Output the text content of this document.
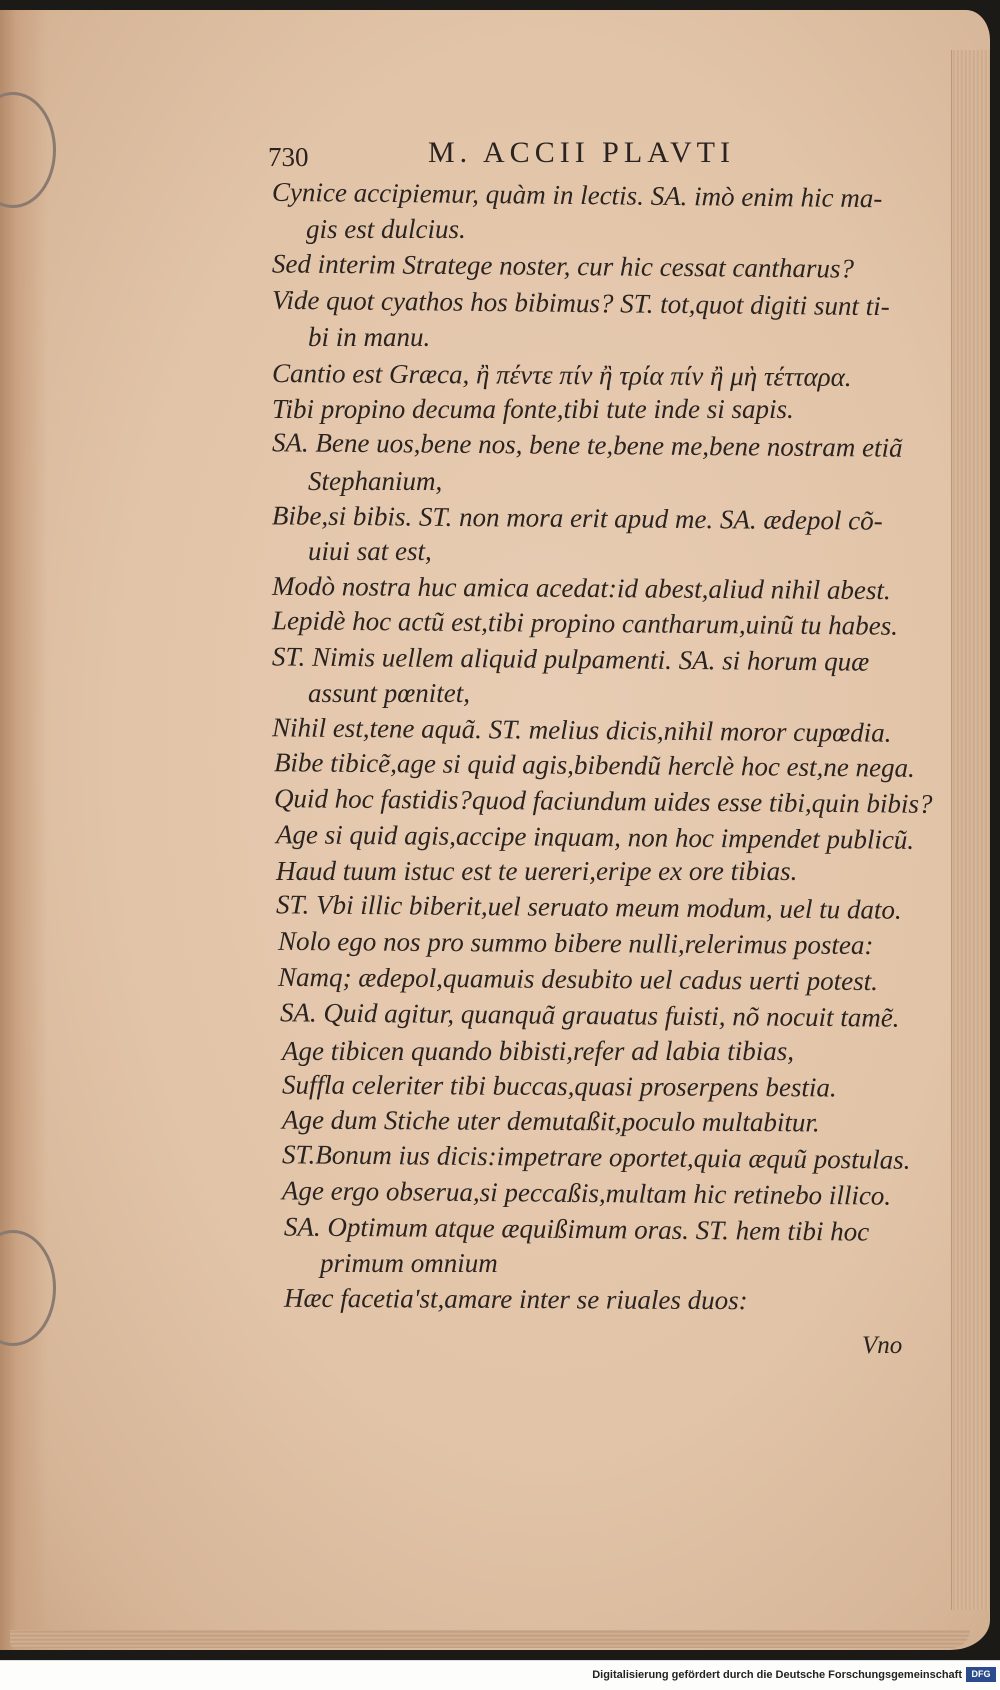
730	M. ACCII PLAVTI
Cynice accipiemur, quàm in lectis. SA. imò enim hic ma-
gis est dulcius.
Sed interim Stratege noster, cur hic cessat cantharus?
Vide quot cyathos hos bibimus? ST. tot,quot digiti sunt ti-
bi in manu.
Cantio est Græca, ἢ πέντε πίν ἢ τρία πίν ἢ μὴ τέτταρα.
Tibi propino decuma fonte,tibi tute inde si sapis.
SA. Bene uos,bene nos, bene te,bene me,bene nostram etiã
Stephanium,
Bibe,si bibis. ST. non mora erit apud me. SA. ædepol cõ-
uiui sat est,
Modò nostra huc amica acedat:id abest,aliud nihil abest.
Lepidè hoc actũ est,tibi propino cantharum,uinũ tu habes.
ST. Nimis uellem aliquid pulpamenti. SA. si horum quæ
assunt pœnitet,
Nihil est,tene aquã. ST. melius dicis,nihil moror cupœdia.
Bibe tibicẽ,age si quid agis,bibendũ herclè hoc est,ne nega.
Quid hoc fastidis?quod faciundum uides esse tibi,quin bibis?
Age si quid agis,accipe inquam, non hoc impendet publicũ.
Haud tuum istuc est te uereri,eripe ex ore tibias.
ST. Vbi illic biberit,uel seruato meum modum, uel tu dato.
Nolo ego nos pro summo bibere nulli,relerimus postea:
Namq; ædepol,quamuis desubito uel cadus uerti potest.
SA. Quid agitur, quanquã grauatus fuisti, nõ nocuit tamẽ.
Age tibicen quando bibisti,refer ad labia tibias,
Sufflа celeriter tibi buccas,quasi proserpens bestia.
Age dum Stiche uter demutaßit,poculo multabitur.
ST.Bonum ius dicis:impetrare oportet,quia æquũ postulas.
Age ergo obserua,si peccaßis,multam hic retinebo illico.
SA. Optimum atque æquißimum oras. ST. hem tibi hoc
primum omnium
Hæc facetia'st,amare inter se riuales duos:
Vno
Digitalisierung gefördert durch die Deutsche Forschungsgemeinschaft	DFG
